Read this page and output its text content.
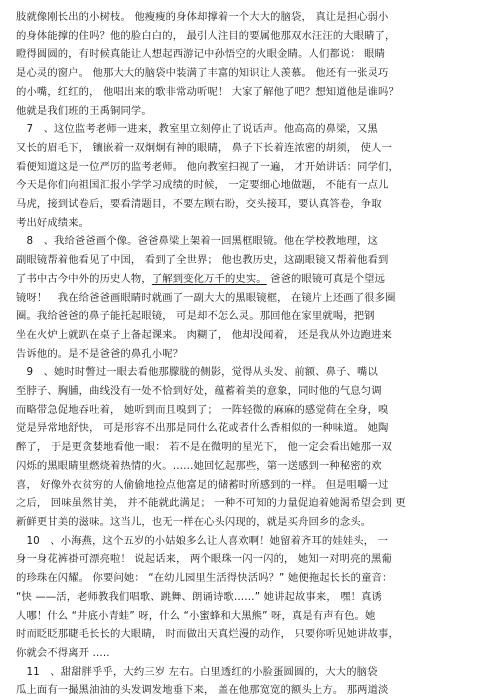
肢就像刚长出的小树枝。 他瘦瘦的身体却撑着一个大大的脑袋， 真让是担心弱小
的身体能撑的住吗？他的脸白白的， 最引人注目的要属他那双水汪汪的大眼睛了，
瞪得圆圆的，有时候真能让人想起西游记中孙悟空的火眼金睛。人们都说： 眼睛
是心灵的窗户。 他那大大的脑袋中装满了丰富的知识让人羡慕。 他还有一张灵巧
的小嘴，红红的， 他唱出来的歌非常动听呢！ 大家了解他了吧？想知道他是谁吗？
他就是我们班的王禹铜同学。
　7　、这位监考老师一进来，教室里立刻停止了说话声。他高高的鼻梁，又黑
又长的眉毛下， 镶嵌着一双炯炯有神的眼睛， 鼻子下长着连浓密的胡须， 使人一
看便知道这是一位严厉的监考老师。 他向教室扫视了一遍， 才开始讲话：同学们，
今天是你们向祖国汇报小学学习成绩的时候， 一定要细心地做题， 不能有一点儿
马虎，接到试卷后，要看清题目，不要左顾右盼，交头接耳，要认真答卷，争取
考出好成绩来。
　8　、我给爸爸画个像。爸爸鼻梁上架着一回黑框眼镜。他在学校教地理，这
副眼镜帮着他看见了中国， 看到了全世界； 他也教历史，这副眼镜又帮着他看到
了书中古今中外的历史人物，了解到变化万千的史实。 爸爸的眼镜可真是个望远
镜呀！　我在给爸爸画眼睛时就画了一副大大的黑眼镜框， 在镜片上还画了很多圈
圈。我给爸爸的鼻子能托起眼镜， 可是却不怎么灵。那回他在家里就喝，把钢
坐在火炉上就趴在桌子上备起课来。 肉糊了， 他却没闻着， 还是我从外边跑进来
告诉他的。是不是爸爸的鼻孔小呢？
　9　、她时时瞥过一眼去看他那朦胧的侧影，觉得从头发、前额、鼻子、嘴以
至脖子、胸脯，曲线没有一处不恰到好处，蕴蓄着美的意象，同时他的气息匀调
而略带急促地吞吐着， 她听到而且嗅到了； 一阵轻微的麻麻的感觉荷在全身，嗅
觉是异常地舒快， 可是形容不出那是同什么花或者什么香相似的一种味道。 她陶
醉了， 于是更贪婪地看他一眼： 若不是在微明的星光下， 他一定会看出她那一双
闪烁的黑眼睛里燃烧着热情的火。……她回忆起那些，第一送感到一种秘密的欢
喜， 好像外衣贫穷的人偷偷地捡点他富足的储蓄时所感到的一样。 但是咀嚼一过
之后， 回味虽然甘美， 并不能就此满足； 一种不可知的力量促迫着她渴希望会到 更
新鲜更甘美的滋味。这当儿，也无一样在心头闪现的，就是买舟回乡的念头。
　10　、小海燕，这个五岁的小姑娘多么让人喜欢啊！她留着齐耳的娃娃头， 一
身一身花裤褂可漂亮啦！ 说起话来， 两个眼珠一闪一闪的， 她知一对明亮的黑葡
的珍珠在闪耀。 你要问她： “在幼儿园里生活得快活吗？” 她便拖起长长的童音：
“快 ——活，老师教我们唱歌、跳舞、朗诵诗歌……” 她讲起故事来， 嘿！真诱
人哪！什么 “井底小青蛙” 呀，什么 “小蜜蜂和大黑熊” 呀，真是有声有色。她
时而眨眨那睫毛长长的大眼睛， 时而做出天真烂漫的动作， 只要你听见她讲故事，
你就会不得离开 .....
　11　、甜甜胖乎乎，大约三岁 左右。白里透红的小脸蛋圆圆的，大大的脑袋
瓜上面有一撮黑油油的头发调发地垂下来， 盖在他那宽宽的额头上方。 那两道淡
